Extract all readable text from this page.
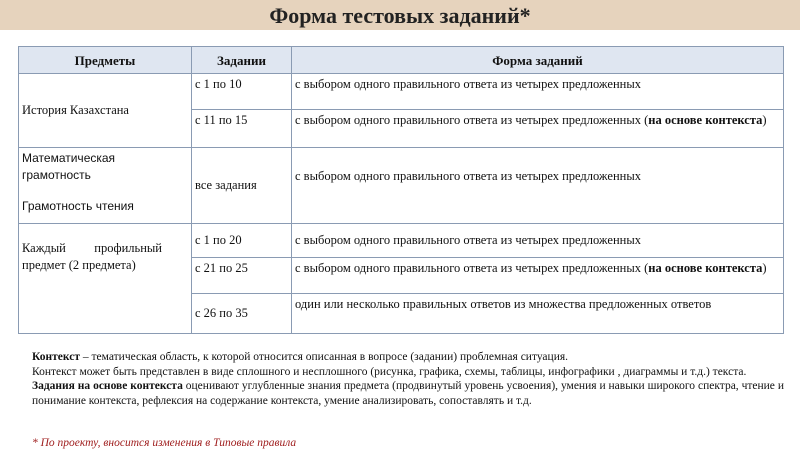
Форма тестовых заданий*
Предметы	Задании	Форма заданий
История Казахстана	с 1 по 10	с выбором одного правильного ответа из четырех предложенных
	с 11 по 15	с выбором одного правильного ответа из четырех предложенных (на основе контекста)

Математическая грамотность
Грамотность чтения	все задания	с выбором одного правильного ответа из четырех предложенных

Каждый профильный предмет (2 предмета)	с 1 по 20	с выбором одного правильного ответа из четырех предложенных
	с 21 по 25	с выбором одного правильного ответа из четырех предложенных (на основе контекста)
	с 26 по 35	один или несколько правильных ответов из множества предложенных ответов

Контекст – тематическая область, к которой относится описанная в вопросе (задании) проблемная ситуация.

Контекст может быть представлен в виде сплошного и несплошного (рисунка, графика, схемы, таблицы, инфографики , диаграммы и т.д.) текста.

Задания на основе контекста оценивают углубленные знания предмета (продвинутый уровень усвоения), умения и навыки широкого спектра, чтение и понимание контекста, рефлексия на содержание контекста, умение анализировать, сопоставлять и т.д.

* По проекту, вносится изменения в Типовые правила
